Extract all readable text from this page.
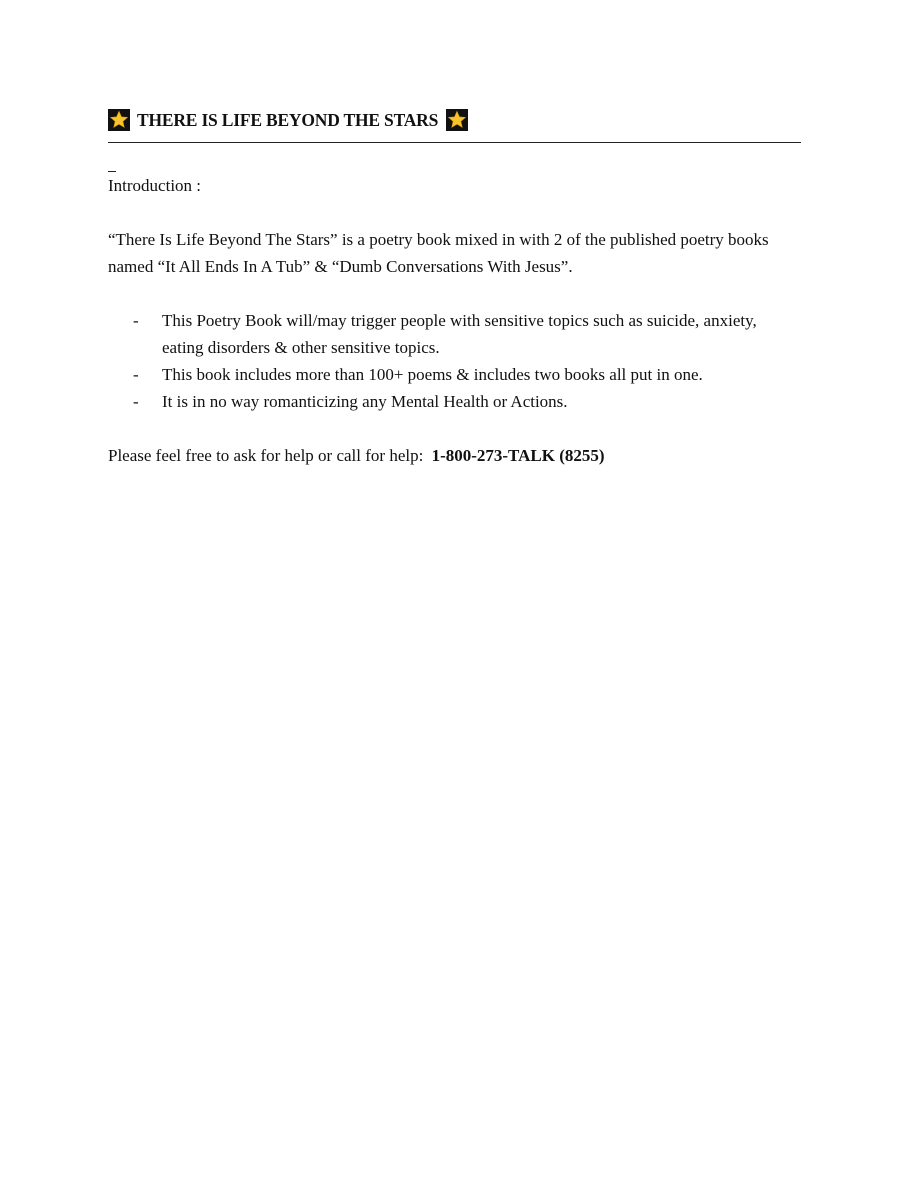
THERE IS LIFE BEYOND THE STARS
Introduction :
“There Is Life Beyond The Stars” is a poetry book mixed in with 2 of the published poetry books named “It All Ends In A Tub” & “Dumb Conversations With Jesus”.
- This Poetry Book will/may trigger people with sensitive topics such as suicide, anxiety, eating disorders & other sensitive topics.
- This book includes more than 100+ poems & includes two books all put in one.
- It is in no way romanticizing any Mental Health or Actions.
Please feel free to ask for help or call for help: 1-800-273-TALK (8255)
